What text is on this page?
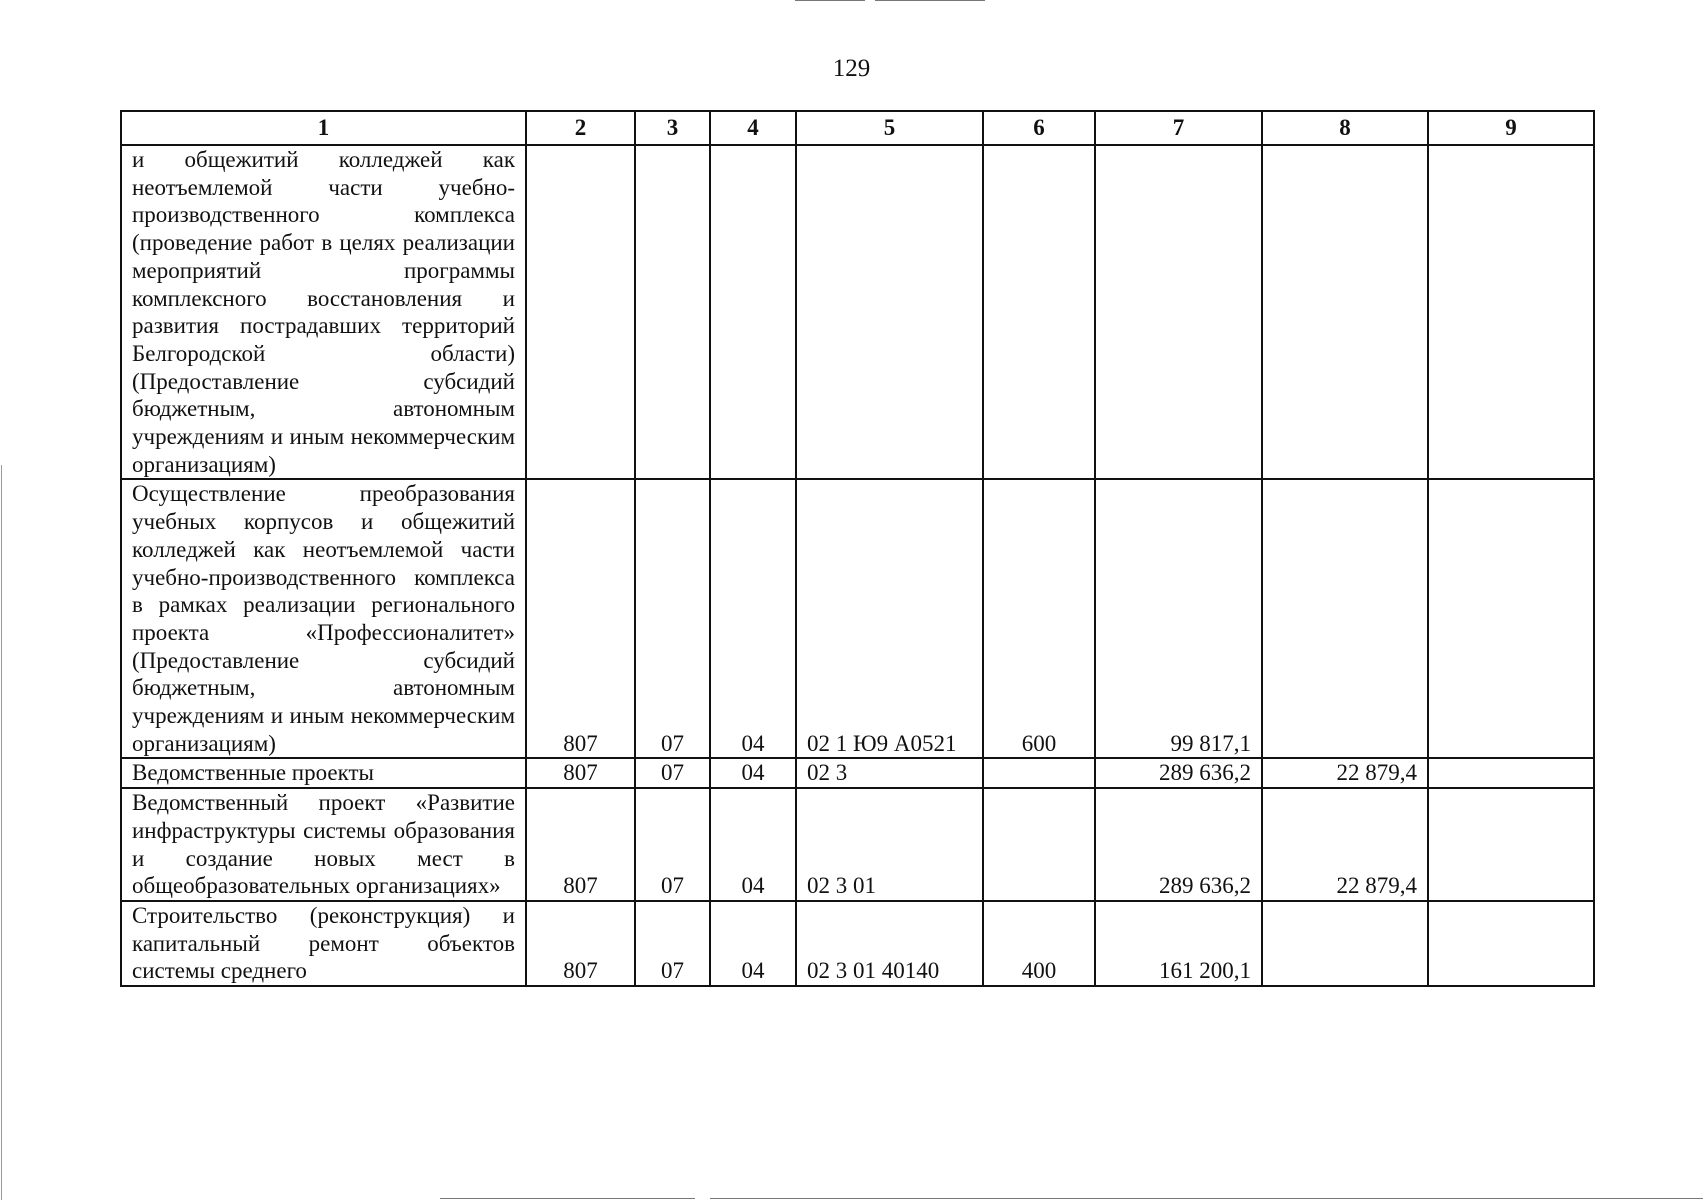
129
1	2	3	4	5	6	7	8	9
и общежитий колледжей как неотъемлемой части учебно-производственного комплекса (проведение работ в целях реализации мероприятий программы комплексного восстановления и развития пострадавших территорий Белгородской области) (Предоставление субсидий бюджетным, автономным учреждениям и иным некоммерческим организациям)								
Осуществление преобразования учебных корпусов и общежитий колледжей как неотъемлемой части учебно-производственного комплекса в рамках реализации регионального проекта «Профессионалитет» (Предоставление субсидий бюджетным, автономным учреждениям и иным некоммерческим организациям)	807	07	04	02 1 Ю9 А0521	600	99 817,1		
Ведомственные проекты	807	07	04	02 3		289 636,2	22 879,4	
Ведомственный проект «Развитие инфраструктуры системы образования и создание новых мест в общеобразовательных организациях»	807	07	04	02 3 01		289 636,2	22 879,4	
Строительство (реконструкция) и капитальный ремонт объектов системы среднего	807	07	04	02 3 01 40140	400	161 200,1		
